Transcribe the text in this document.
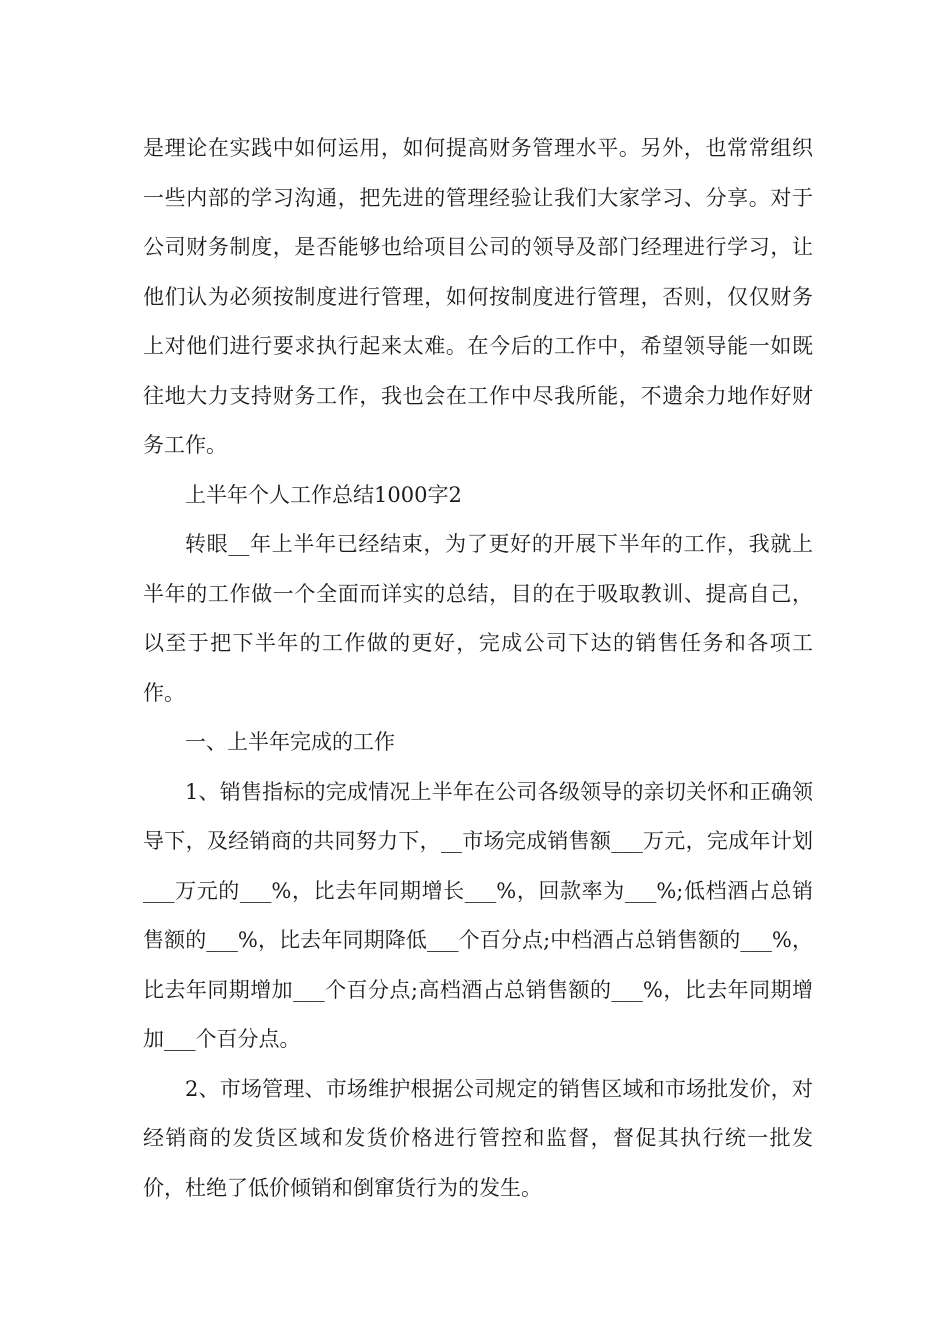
是理论在实践中如何运用，如何提高财务管理水平。另外，也常常组织一些内部的学习沟通，把先进的管理经验让我们大家学习、分享。对于公司财务制度，是否能够也给项目公司的领导及部门经理进行学习，让他们认为必须按制度进行管理，如何按制度进行管理，否则，仅仅财务上对他们进行要求执行起来太难。在今后的工作中，希望领导能一如既往地大力支持财务工作，我也会在工作中尽我所能，不遗余力地作好财务工作。

上半年个人工作总结1000字2

转眼__年上半年已经结束，为了更好的开展下半年的工作，我就上半年的工作做一个全面而详实的总结，目的在于吸取教训、提高自己，以至于把下半年的工作做的更好，完成公司下达的销售任务和各项工作。

一、上半年完成的工作

1、销售指标的完成情况上半年在公司各级领导的亲切关怀和正确领导下，及经销商的共同努力下，__市场完成销售额___万元，完成年计划___万元的___%，比去年同期增长___%，回款率为___%;低档酒占总销售额的___%，比去年同期降低___个百分点;中档酒占总销售额的___%，比去年同期增加___个百分点;高档酒占总销售额的___%，比去年同期增加___个百分点。

2、市场管理、市场维护根据公司规定的销售区域和市场批发价，对经销商的发货区域和发货价格进行管控和监督，督促其执行统一批发价，杜绝了低价倾销和倒窜货行为的发生。
